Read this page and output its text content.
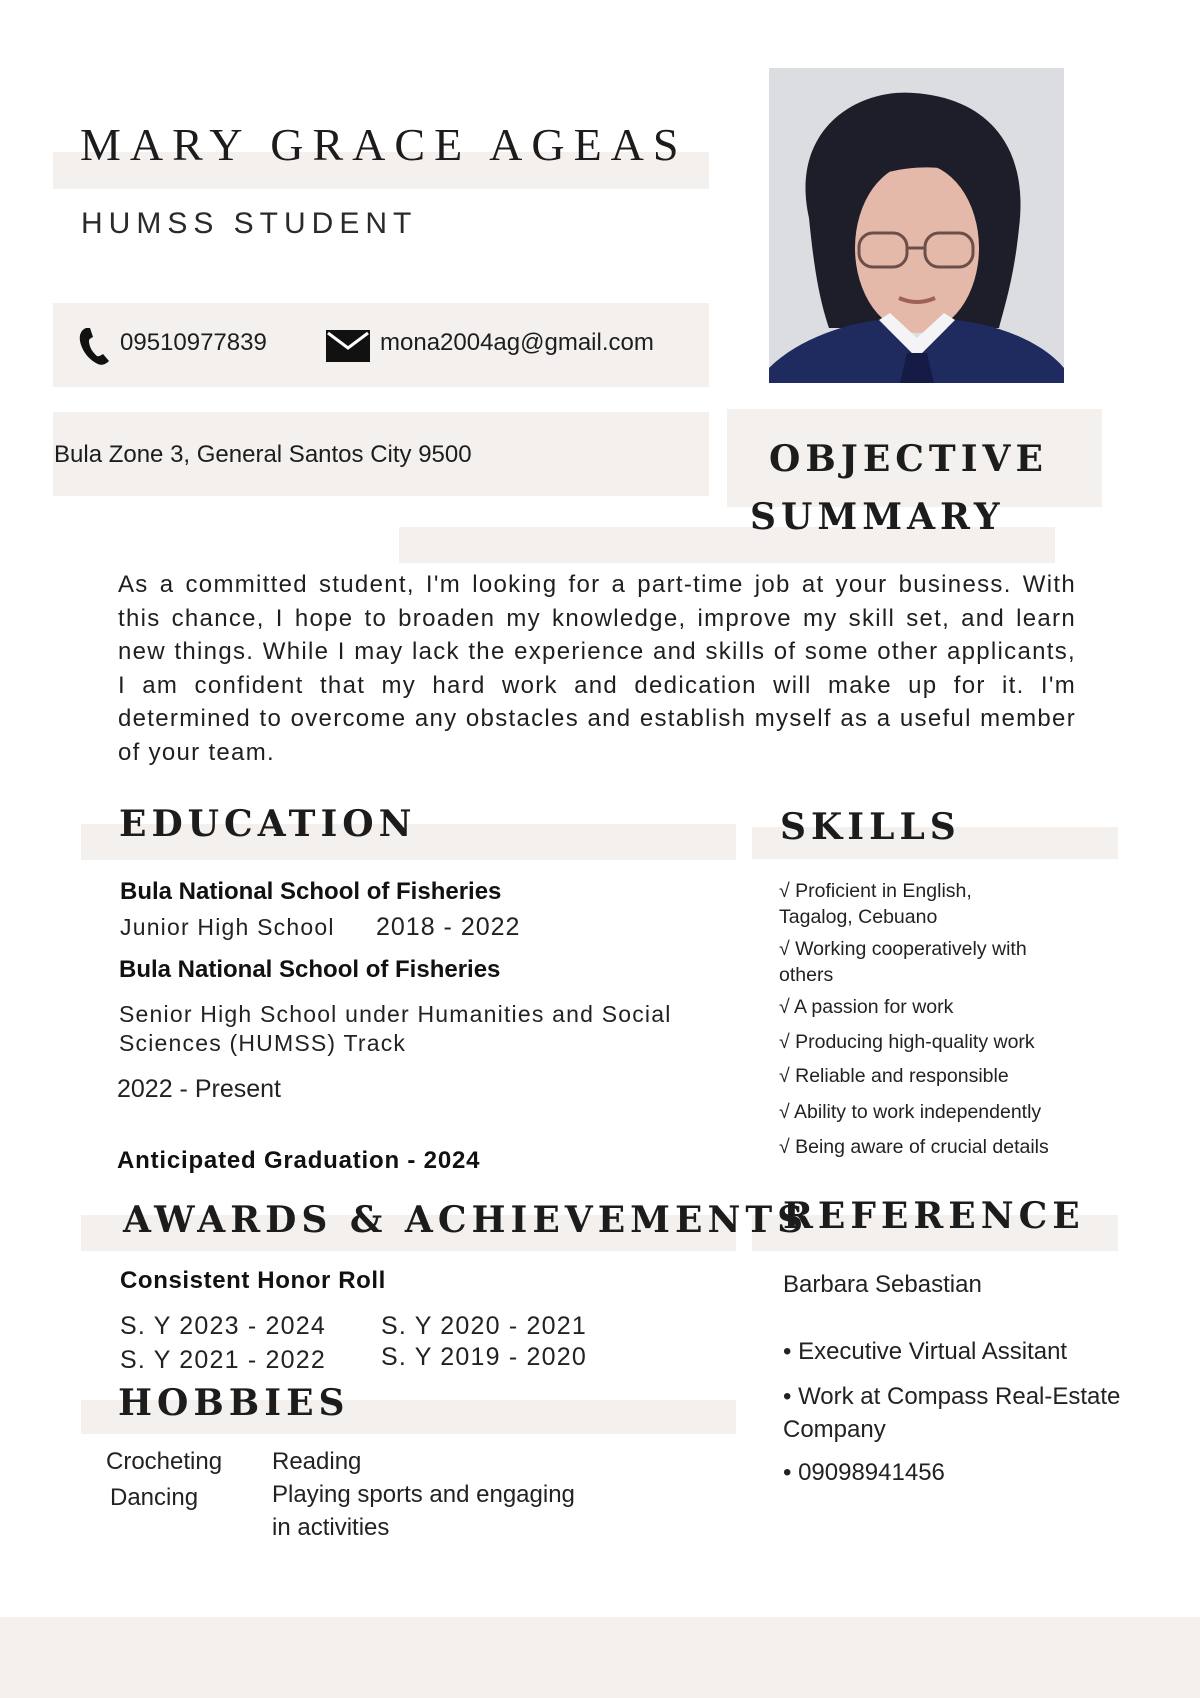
MARY GRACE AGEAS
HUMSS STUDENT
09510977839	mona2004ag@gmail.com
Bula Zone 3, General Santos City 9500	OBJECTIVE
SUMMARY
As a committed student, I'm looking for a part-time job at your business. With this chance, I hope to broaden my knowledge, improve my skill set, and learn new things. While I may lack the experience and skills of some other applicants, I am confident that my hard work and dedication will make up for it. I'm determined to overcome any obstacles and establish myself as a useful member of your team.
EDUCATION
Bula National School of Fisheries
Junior High School 2018 - 2022
Bula National School of Fisheries
Senior High School under Humanities and Social
Sciences (HUMSS) Track
2022 - Present
Anticipated Graduation - 2024
SKILLS
√ Proficient in English,
Tagalog, Cebuano
√ Working cooperatively with
others
√ A passion for work
√ Producing high-quality work
√ Reliable and responsible
√ Ability to work independently
√ Being aware of crucial details
AWARDS & ACHIEVEMENTS
Consistent Honor Roll
S. Y 2023 - 2024
S. Y 2021 - 2022
S. Y 2020 - 2021
S. Y 2019 - 2020
REFERENCE
Barbara Sebastian
• Executive Virtual Assitant
• Work at Compass Real-Estate
Company
• 09098941456
HOBBIES
Crocheting
Dancing
Reading
Playing sports and engaging
in activities
